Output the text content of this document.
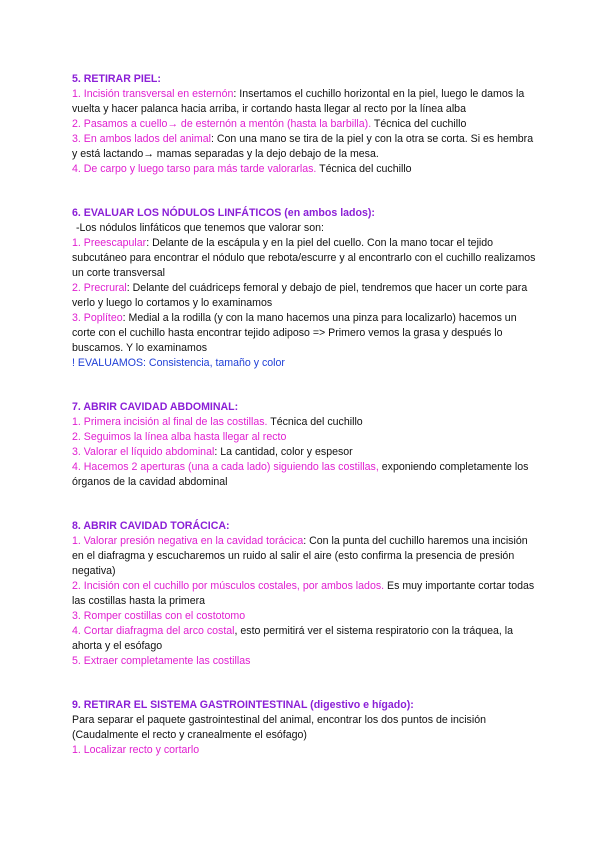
5. RETIRAR PIEL:
1. Incisión transversal en esternón: Insertamos el cuchillo horizontal en la piel, luego le damos la vuelta y hacer palanca hacia arriba, ir cortando hasta llegar al recto por la línea alba
2. Pasamos a cuello→ de esternón a mentón (hasta la barbilla). Técnica del cuchillo
3. En ambos lados del animal: Con una mano se tira de la piel y con la otra se corta. Si es hembra y está lactando→ mamas separadas y la dejo debajo de la mesa.
4. De carpo y luego tarso para más tarde valorarlas. Técnica del cuchillo
6. EVALUAR LOS NÓDULOS LINFÁTICOS (en ambos lados):
-Los nódulos linfáticos que tenemos que valorar son:
1. Preescapular: Delante de la escápula y en la piel del cuello. Con la mano tocar el tejido subcutáneo para encontrar el nódulo que rebota/escurre y al encontrarlo con el cuchillo realizamos un corte transversal
2. Precrural: Delante del cuádriceps femoral y debajo de piel, tendremos que hacer un corte para verlo y luego lo cortamos y lo examinamos
3. Poplíteo: Medial a la rodilla (y con la mano hacemos una pinza para localizarlo) hacemos un corte con el cuchillo hasta encontrar tejido adiposo => Primero vemos la grasa y después lo buscamos. Y lo examinamos
! EVALUAMOS: Consistencia, tamaño y color
7. ABRIR CAVIDAD ABDOMINAL:
1. Primera incisión al final de las costillas. Técnica del cuchillo
2. Seguimos la línea alba hasta llegar al recto
3. Valorar el líquido abdominal: La cantidad, color y espesor
4. Hacemos 2 aperturas (una a cada lado) siguiendo las costillas, exponiendo completamente los órganos de la cavidad abdominal
8. ABRIR CAVIDAD TORÁCICA:
1. Valorar presión negativa en la cavidad torácica: Con la punta del cuchillo haremos una incisión en el diafragma y escucharemos un ruido al salir el aire (esto confirma la presencia de presión negativa)
2. Incisión con el cuchillo por músculos costales, por ambos lados. Es muy importante cortar todas las costillas hasta la primera
3. Romper costillas con el costotomo
4. Cortar diafragma del arco costal, esto permitirá ver el sistema respiratorio con la tráquea, la ahorta y el esófago
5. Extraer completamente las costillas
9. RETIRAR EL SISTEMA GASTROINTESTINAL (digestivo e hígado):
Para separar el paquete gastrointestinal del animal, encontrar los dos puntos de incisión (Caudalmente el recto y cranealmente el esófago)
1. Localizar recto y cortarlo
